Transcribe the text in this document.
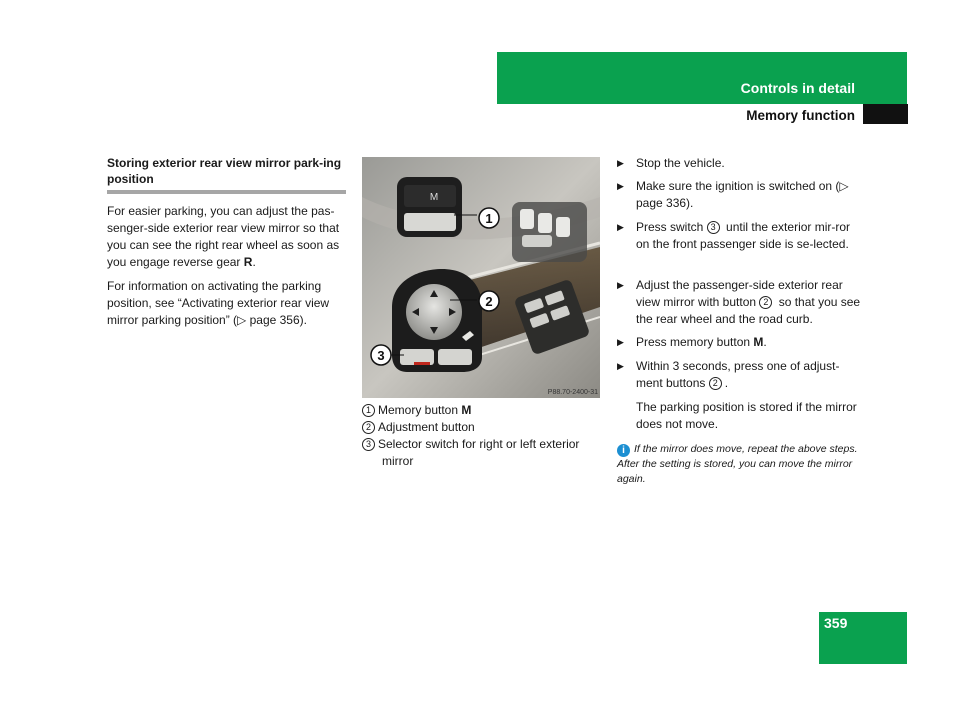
Controls in detail
Memory function
Storing exterior rear view mirror park-ing position
For easier parking, you can adjust the pas-senger-side exterior rear view mirror so that you can see the right rear wheel as soon as you engage reverse gear R.
For information on activating the parking position, see “Activating exterior rear view mirror parking position” (▷ page 356).
M
1
2
3
P88.70-2400-31
1 Memory button M
2 Adjustment button
3 Selector switch for right or left exterior
mirror
▶ Stop the vehicle.
▶ Make sure the ignition is switched on (▷ page 336).
▶ Press switch 3 until the exterior mir-ror on the front passenger side is se-lected.
▶ Adjust the passenger-side exterior rear view mirror with button 2 so that you see the rear wheel and the road curb.
▶ Press memory button M.
▶ Within 3 seconds, press one of adjust-ment buttons 2 .
The parking position is stored if the mirror does not move.
i If the mirror does move, repeat the above steps. After the setting is stored, you can move the mirror again.
359
